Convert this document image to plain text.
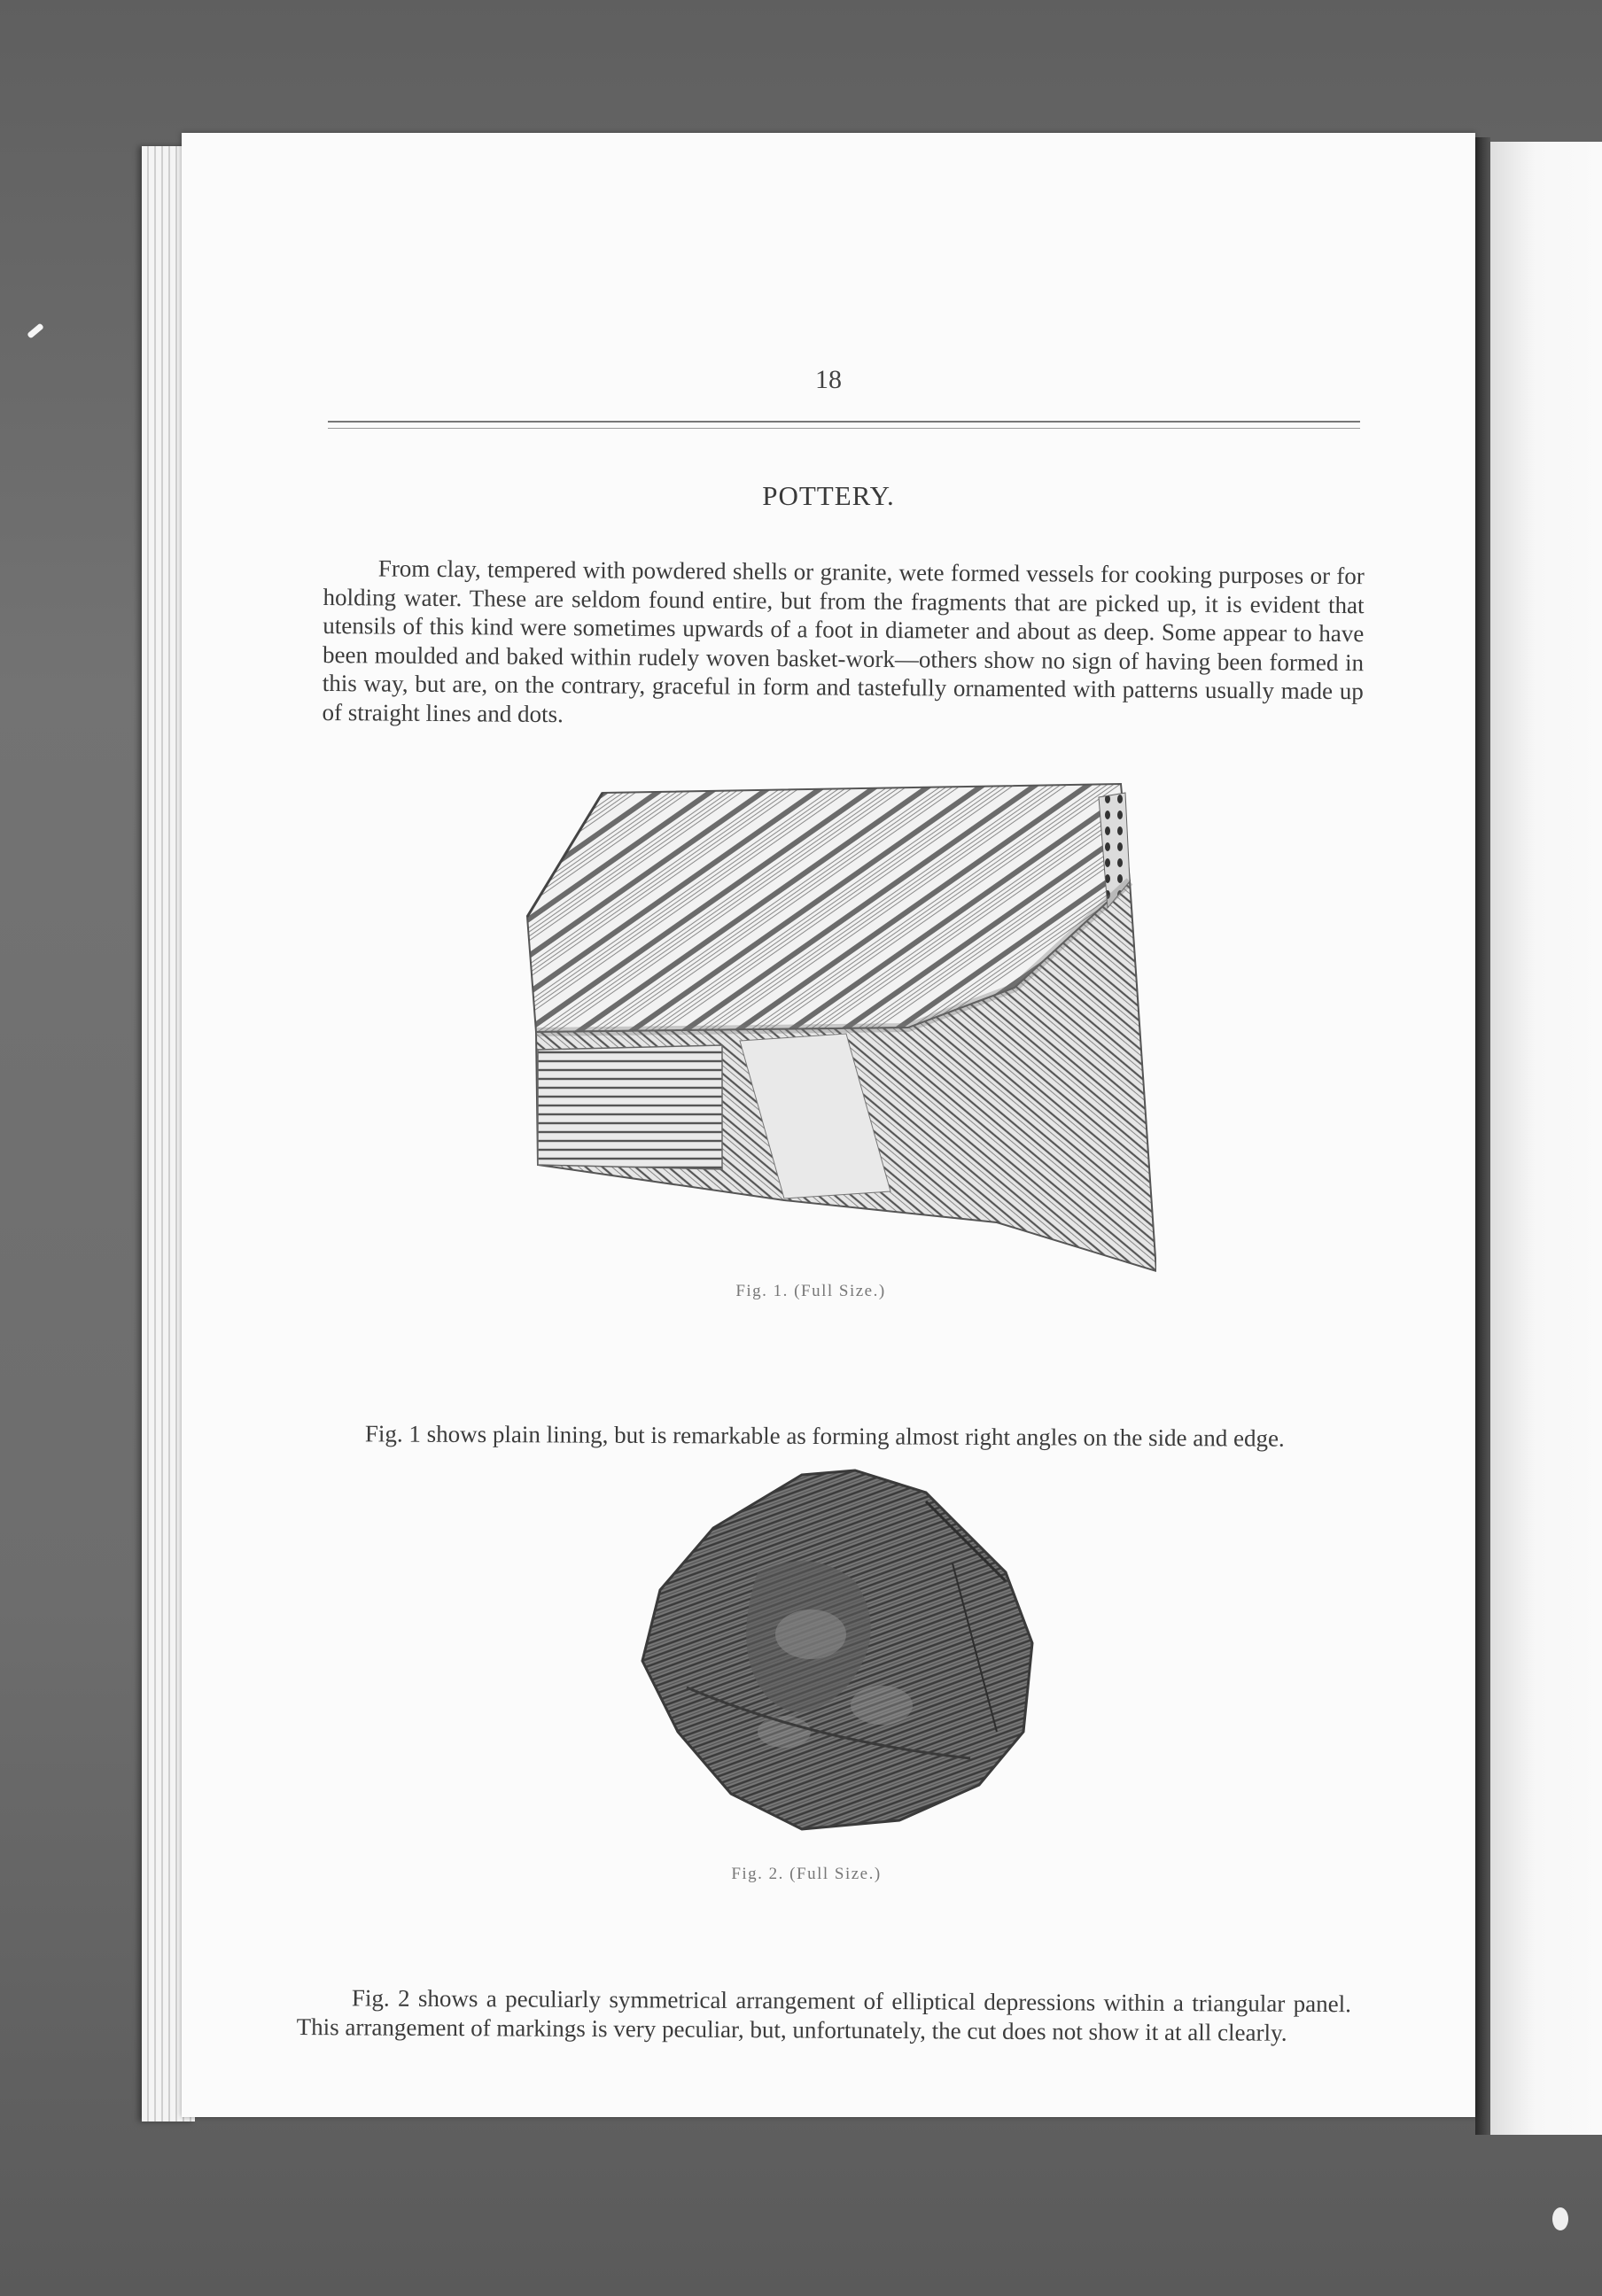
18
POTTERY.

From clay, tempered with powdered shells or granite, wete formed vessels for cooking purposes or for holding water. These are seldom found entire, but from the fragments that are picked up, it is evident that utensils of this kind were sometimes upwards of a foot in diameter and about as deep. Some appear to have been moulded and baked within rudely woven basket-work—others show no sign of having been formed in this way, but are, on the contrary, graceful in form and tastefully ornamented with patterns usually made up of straight lines and dots.

Fig. 1. (Full Size.)

Fig. 1 shows plain lining, but is remarkable as forming almost right angles on the side and edge.

Fig. 2. (Full Size.)

Fig. 2 shows a peculiarly symmetrical arrangement of elliptical depressions within a triangular panel. This arrangement of markings is very peculiar, but, unfortunately, the cut does not show it at all clearly.
